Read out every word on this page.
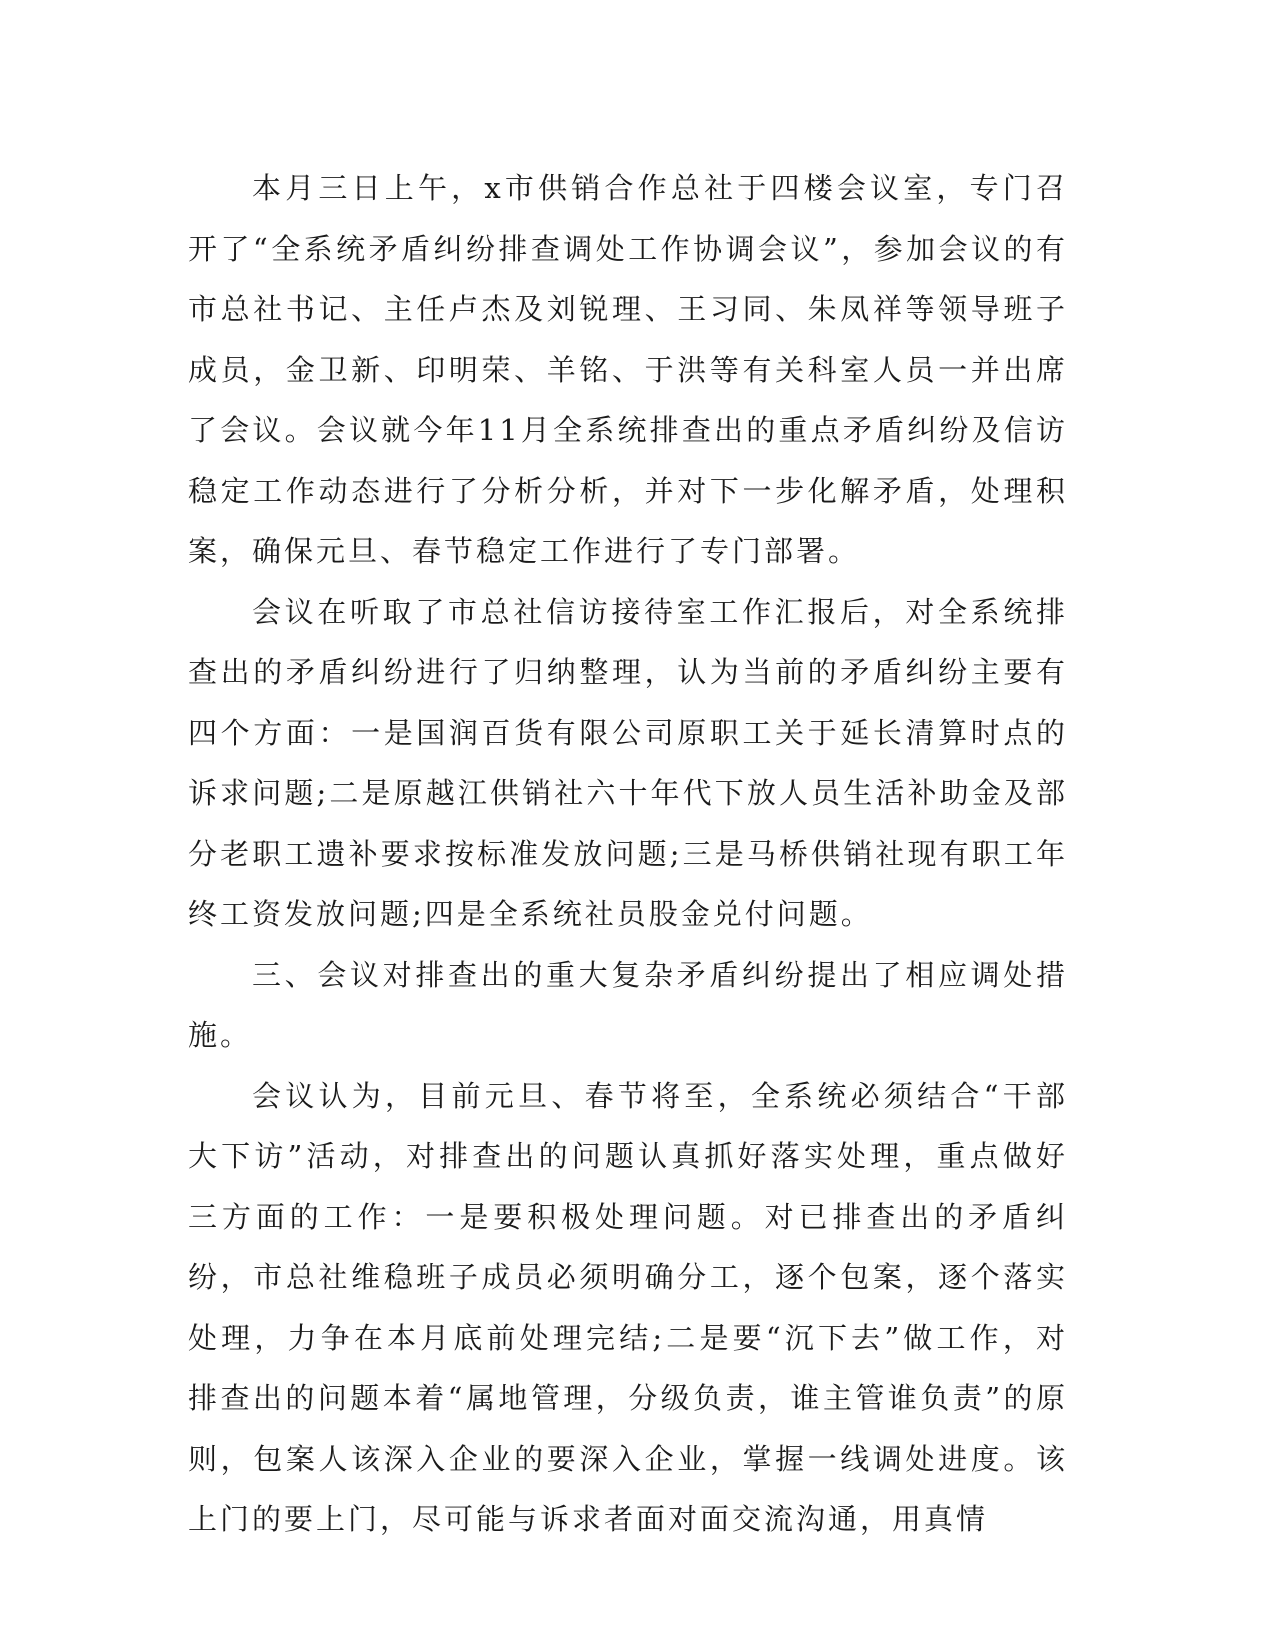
本月三日上午，x市供销合作总社于四楼会议室，专门召开了“全系统矛盾纠纷排查调处工作协调会议”，参加会议的有市总社书记、主任卢杰及刘锐理、王习同、朱凤祥等领导班子成员，金卫新、印明荣、羊铭、于洪等有关科室人员一并出席了会议。会议就今年11月全系统排查出的重点矛盾纠纷及信访稳定工作动态进行了分析分析，并对下一步化解矛盾，处理积案，确保元旦、春节稳定工作进行了专门部署。

会议在听取了市总社信访接待室工作汇报后，对全系统排查出的矛盾纠纷进行了归纳整理，认为当前的矛盾纠纷主要有四个方面：一是国润百货有限公司原职工关于延长清算时点的诉求问题;二是原越江供销社六十年代下放人员生活补助金及部分老职工遗补要求按标准发放问题;三是马桥供销社现有职工年终工资发放问题;四是全系统社员股金兑付问题。

三、会议对排查出的重大复杂矛盾纠纷提出了相应调处措施。

会议认为，目前元旦、春节将至，全系统必须结合“干部大下访”活动，对排查出的问题认真抓好落实处理，重点做好三方面的工作：一是要积极处理问题。对已排查出的矛盾纠纷，市总社维稳班子成员必须明确分工，逐个包案，逐个落实处理，力争在本月底前处理完结;二是要“沉下去”做工作，对排查出的问题本着“属地管理，分级负责，谁主管谁负责”的原则，包案人该深入企业的要深入企业，掌握一线调处进度。该上门的要上门，尽可能与诉求者面对面交流沟通，用真情
